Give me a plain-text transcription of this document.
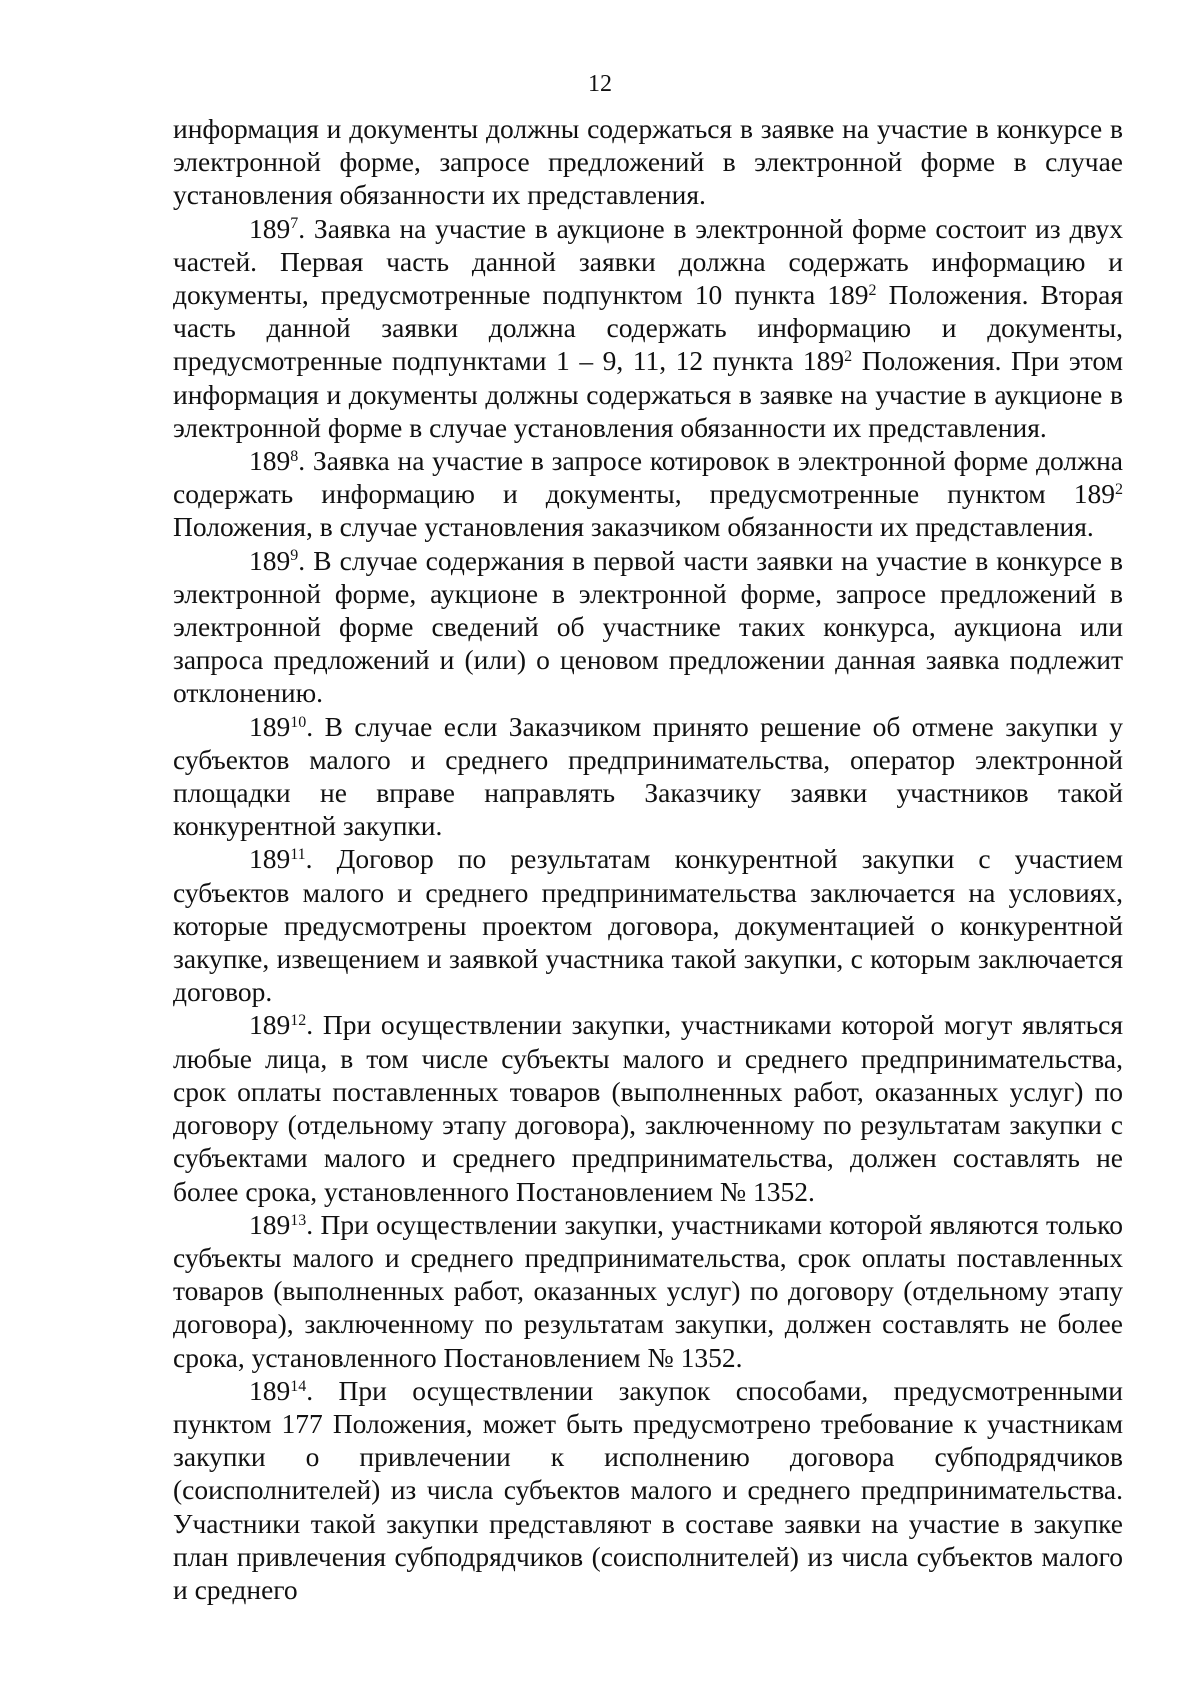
12

информация и документы должны содержаться в заявке на участие в конкурсе в электронной форме, запросе предложений в электронной форме в случае установления обязанности их представления.

$189^7$. Заявка на участие в аукционе в электронной форме состоит из двух частей. Первая часть данной заявки должна содержать информацию и документы, предусмотренные подпунктом 10 пункта $189^2$ Положения. Вторая часть данной заявки должна содержать информацию и документы, предусмотренные подпунктами 1 – 9, 11, 12 пункта $189^2$ Положения. При этом информация и документы должны содержаться в заявке на участие в аукционе в электронной форме в случае установления обязанности их представления.

$189^8$. Заявка на участие в запросе котировок в электронной форме должна содержать информацию и документы, предусмотренные пунктом $189^2$ Положения, в случае установления заказчиком обязанности их представления.

$189^9$. В случае содержания в первой части заявки на участие в конкурсе в электронной форме, аукционе в электронной форме, запросе предложений в электронной форме сведений об участнике таких конкурса, аукциона или запроса предложений и (или) о ценовом предложении данная заявка подлежит отклонению.

$189^{10}$. В случае если Заказчиком принято решение об отмене закупки у субъектов малого и среднего предпринимательства, оператор электронной площадки не вправе направлять Заказчику заявки участников такой конкурентной закупки.

$189^{11}$. Договор по результатам конкурентной закупки с участием субъектов малого и среднего предпринимательства заключается на условиях, которые предусмотрены проектом договора, документацией о конкурентной закупке, извещением и заявкой участника такой закупки, с которым заключается договор.

$189^{12}$. При осуществлении закупки, участниками которой могут являться любые лица, в том числе субъекты малого и среднего предпринимательства, срок оплаты поставленных товаров (выполненных работ, оказанных услуг) по договору (отдельному этапу договора), заключенному по результатам закупки с субъектами малого и среднего предпринимательства, должен составлять не более срока, установленного Постановлением № 1352.

$189^{13}$. При осуществлении закупки, участниками которой являются только субъекты малого и среднего предпринимательства, срок оплаты поставленных товаров (выполненных работ, оказанных услуг) по договору (отдельному этапу договора), заключенному по результатам закупки, должен составлять не более срока, установленного Постановлением № 1352.

$189^{14}$. При осуществлении закупок способами, предусмотренными пунктом 177 Положения, может быть предусмотрено требование к участникам закупки о привлечении к исполнению договора субподрядчиков (соисполнителей) из числа субъектов малого и среднего предпринимательства. Участники такой закупки представляют в составе заявки на участие в закупке план привлечения субподрядчиков (соисполнителей) из числа субъектов малого и среднего
